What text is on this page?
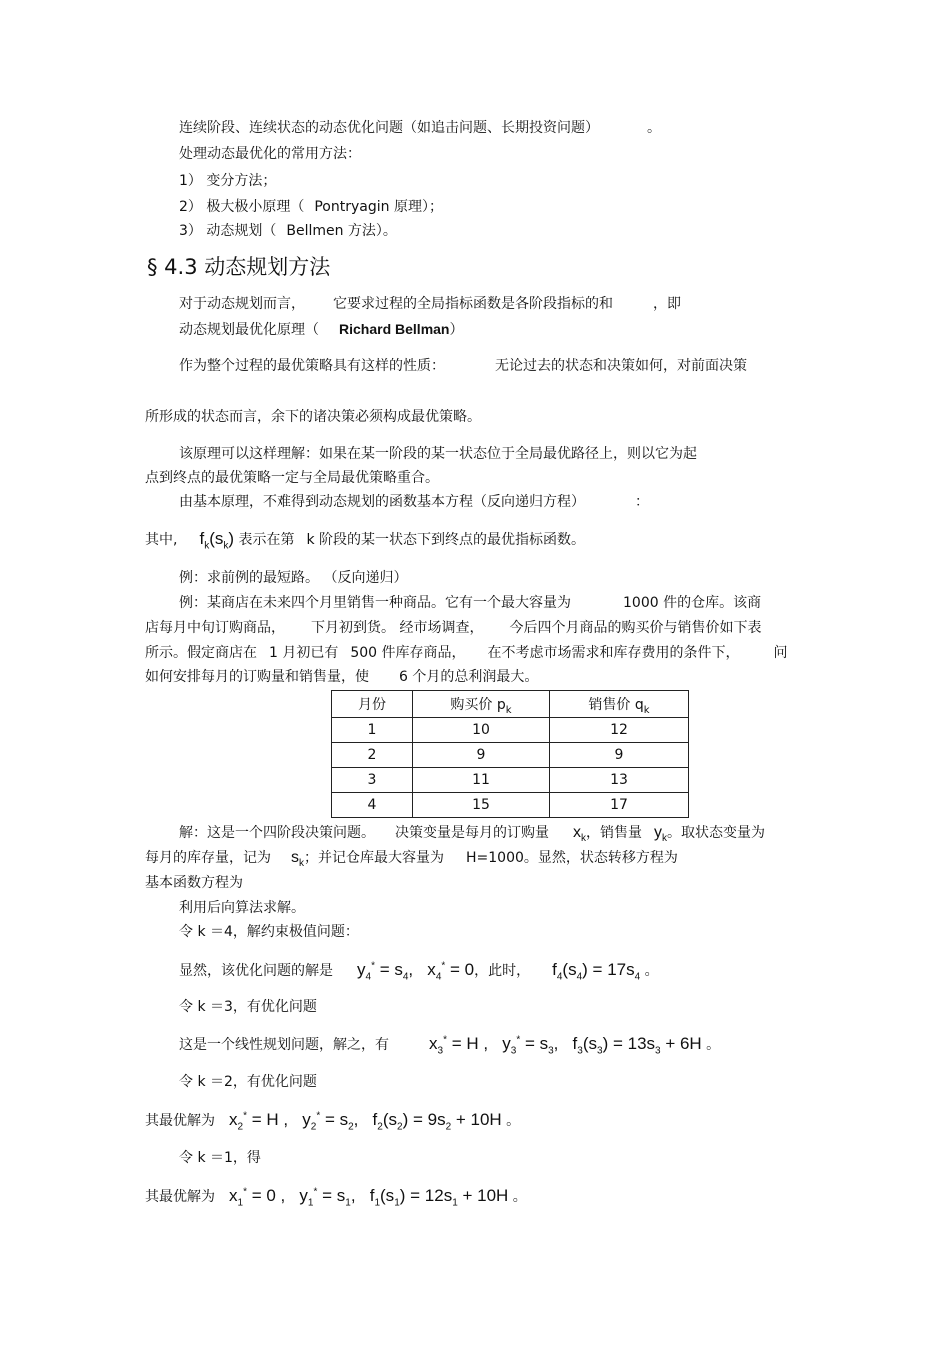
连续阶段、连续状态的动态优化问题（如追击问题、长期投资问题）	。
处理动态最优化的常用方法：
1） 变分方法；
2） 极大极小原理（ Pontryagin 原理）；
3） 动态规划（ Bellmen 方法）。
§ 4.3 动态规划方法
对于动态规划而言， 它要求过程的全局指标函数是各阶段指标的和	，即
动态规划最优化原理（ Richard Bellman）
作为整个过程的最优策略具有这样的性质：	无论过去的状态和决策如何，对前面决策
所形成的状态而言，余下的诸决策必须构成最优策略。
该原理可以这样理解：如果在某一阶段的某一状态位于全局最优路径上，则以它为起
点到终点的最优策略一定与全局最优策略重合。
由基本原理，不难得到动态规划的函数基本方程（反向递归方程）	：
其中, $f_k(s_k)$ 表示在第 k 阶段的某一状态下到终点的最优指标函数。
例：求前例的最短路。 （反向递归）
例：某商店在未来四个月里销售一种商品。它有一个最大容量为	1000 件的仓库。该商
店每月中旬订购商品， 下月初到货。 经市场调查， 今后四个月商品的购买价与销售价如下表
所示。假定商店在 1 月初已有 500 件库存商品， 在不考虑市场需求和库存费用的条件下， 问
如何安排每月的订购量和销售量，使 6 个月的总利润最大。
月份	购买价 $p_k$	销售价 $q_k$
1	10	12
2	9	9
3	11	13
4	15	17
解：这是一个四阶段决策问题。 决策变量是每月的订购量 $x_k$，销售量 $y_k$。取状态变量为
每月的库存量，记为 $s_k$；并记仓库最大容量为 H=1000。显然，状态转移方程为
基本函数方程为
利用后向算法求解。
令 k ＝4，解约束极值问题：
显然，该优化问题的解是 $y_4^* = s_4$,   $x_4^* = 0$，此时， $f_4(s_4) = 17s_4$ 。
令 k ＝3，有优化问题
这是一个线性规划问题，解之，有 $x_3^* = H$ ,   $y_3^* = s_3$,   $f_3(s_3) = 13s_3 + 6H$ 。
令 k ＝2，有优化问题
其最优解为 $x_2^* = H$ ,   $y_2^* = s_2$,   $f_2(s_2) = 9s_2 + 10H$ 。
令 k ＝1，得
其最优解为 $x_1^* = 0$ ,   $y_1^* = s_1$,   $f_1(s_1) = 12s_1 + 10H$ 。
